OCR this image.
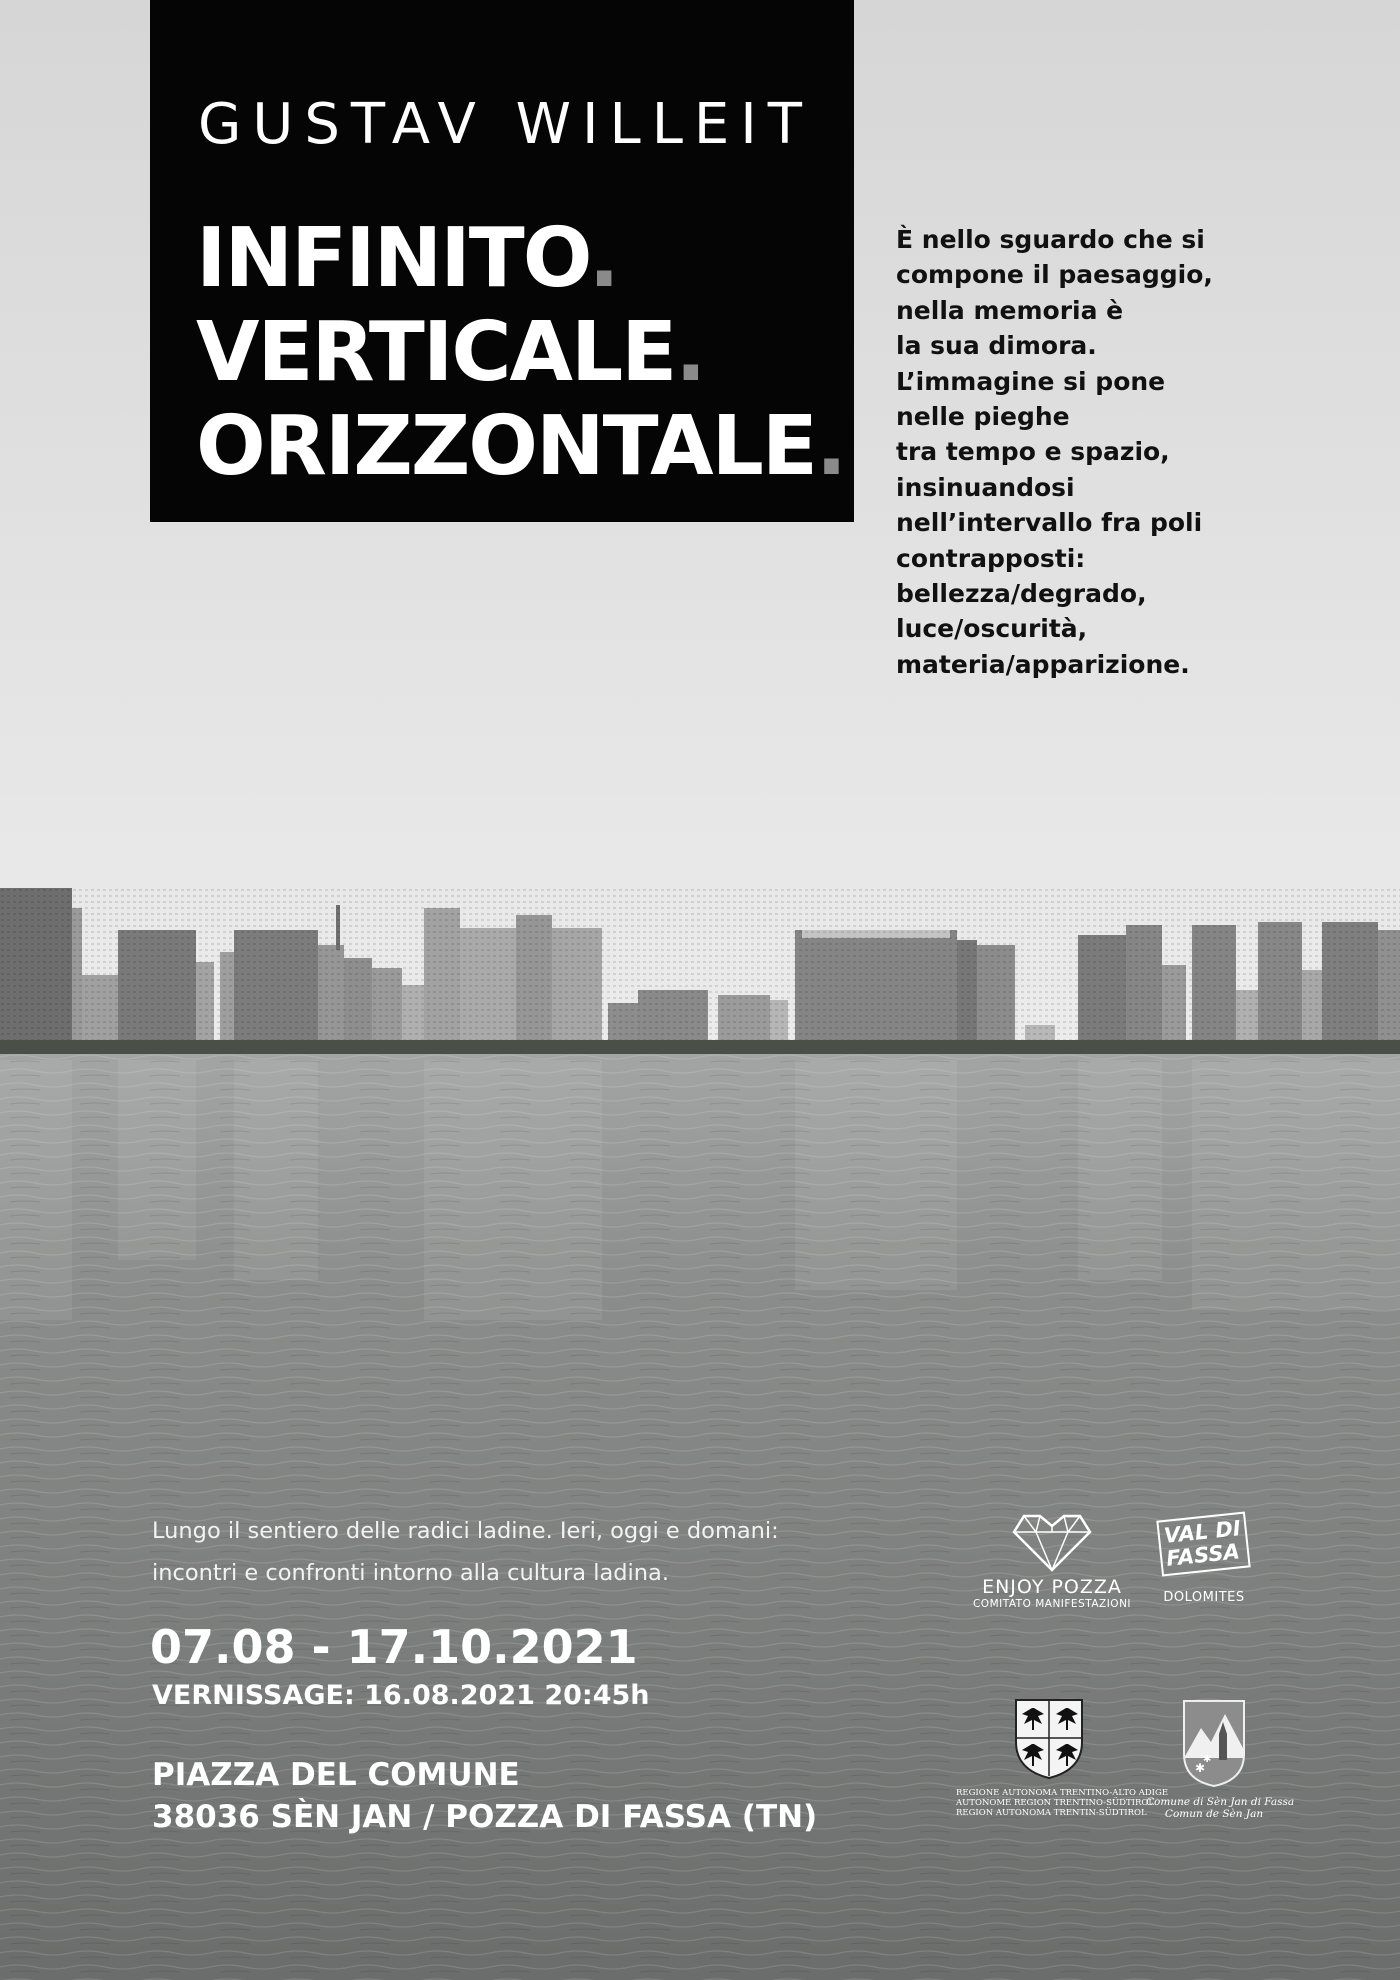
GUSTAV WILLEIT
INFINITO.
VERTICALE.
ORIZZONTALE.
È nello sguardo che si
compone il paesaggio,
nella memoria è
la sua dimora.
L’immagine si pone
nelle pieghe
tra tempo e spazio,
insinuandosi
nell’intervallo fra poli
contrapposti:
bellezza/degrado,
luce/oscurità,
materia/apparizione.
Lungo il sentiero delle radici ladine. Ieri, oggi e domani:
incontri e confronti intorno alla cultura ladina.
07.08 - 17.10.2021
VERNISSAGE: 16.08.2021 20:45h
PIAZZA DEL COMUNE
38036 SÈN JAN / POZZA DI FASSA (TN)
ENJOY POZZA
COMITATO MANIFESTAZIONI
VAL DI
FASSA
DOLOMITES
REGIONE AUTONOMA TRENTINO-ALTO ADIGE
AUTONOME REGION TRENTINO-SÜDTIROL
REGION AUTONOMA TRENTIN-SÜDTIROL
✱
✱
Comune di Sèn Jan di Fassa
Comun de Sèn Jan
